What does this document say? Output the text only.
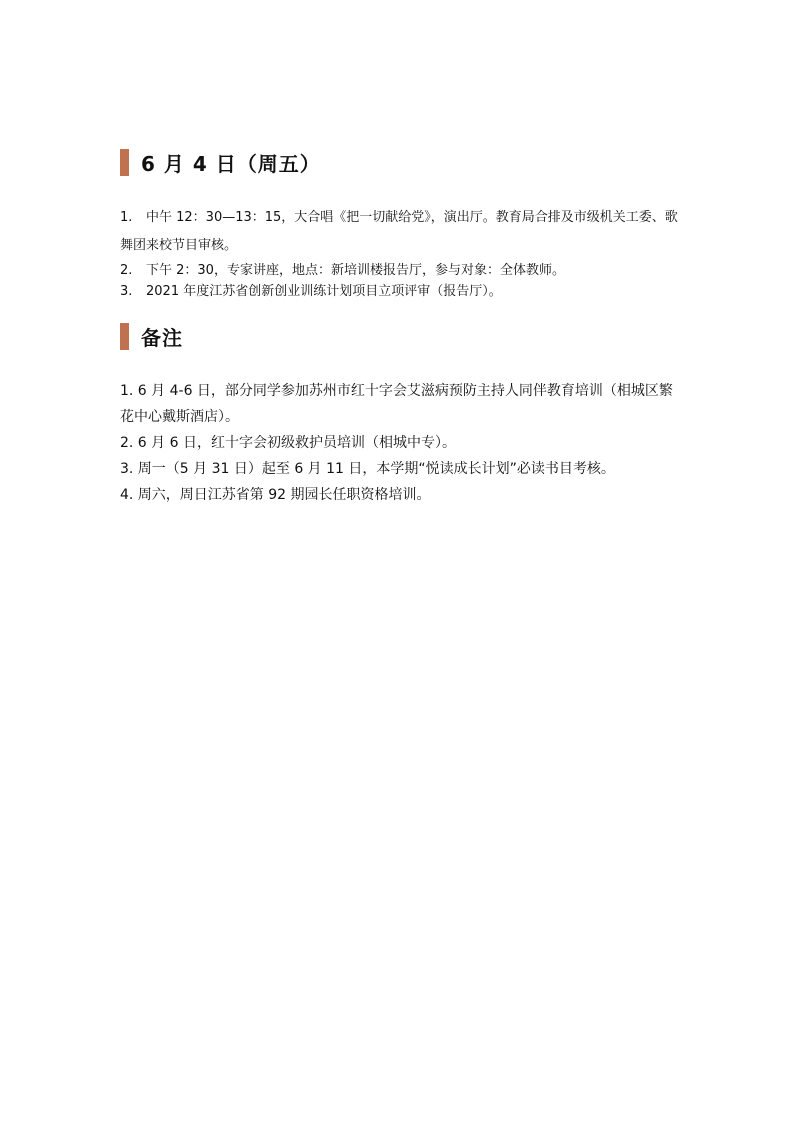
6 月 4 日（周五）

1. 中午 12：30—13：15，大合唱《把一切献给党》，演出厅。教育局合排及市级机关工委、歌舞团来校节目审核。

2. 下午 2：30，专家讲座，地点：新培训楼报告厅，参与对象：全体教师。

3. 2021 年度江苏省创新创业训练计划项目立项评审（报告厅）。

备注

1. 6 月 4-6 日，部分同学参加苏州市红十字会艾滋病预防主持人同伴教育培训（相城区繁花中心戴斯酒店）。

2. 6 月 6 日，红十字会初级救护员培训（相城中专）。

3. 周一（5 月 31 日）起至 6 月 11 日，本学期“悦读成长计划”必读书目考核。

4. 周六，周日江苏省第 92 期园长任职资格培训。
